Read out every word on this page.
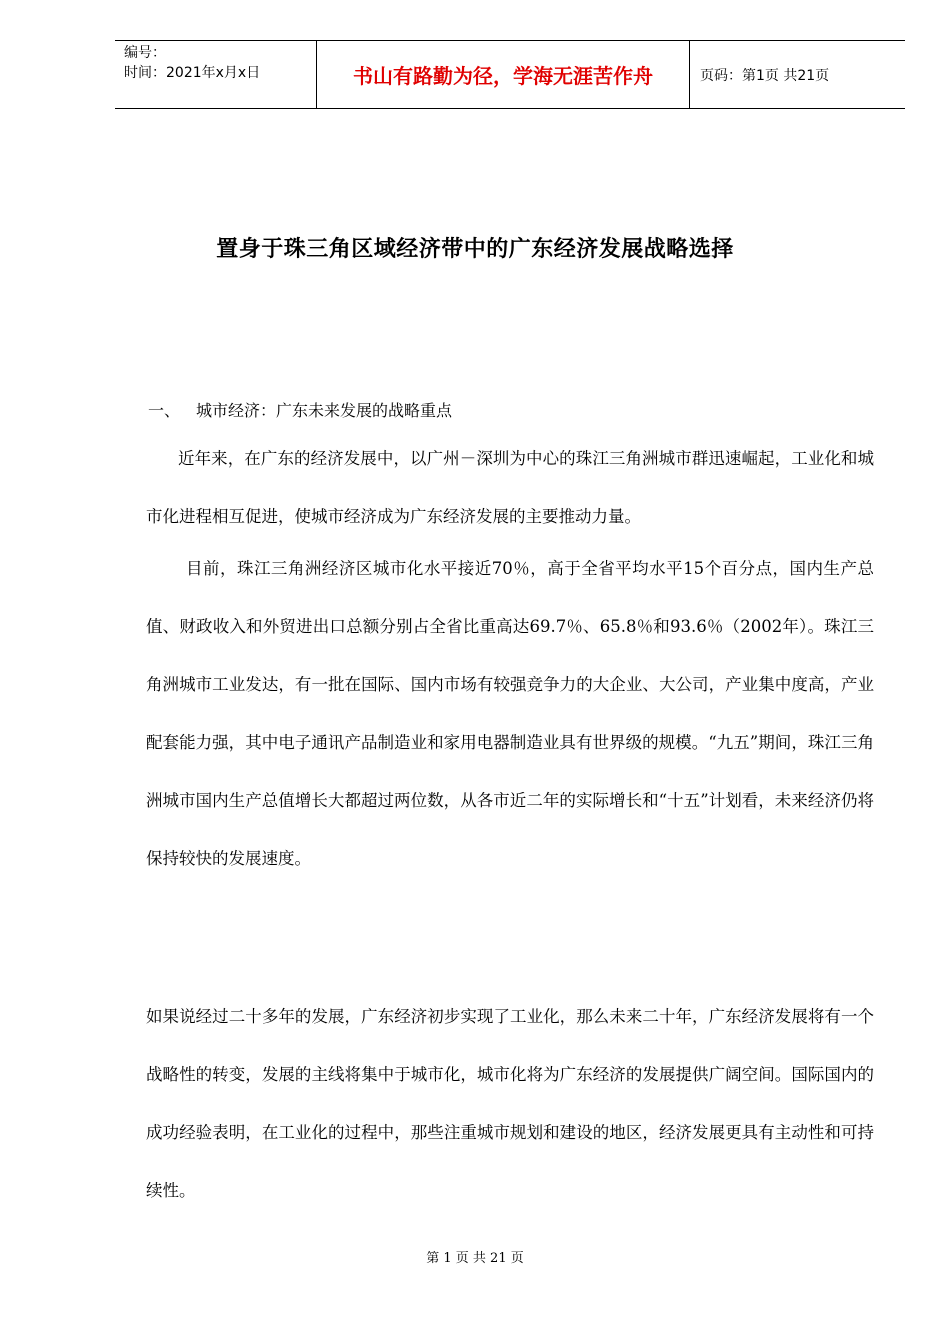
编号：
时间：2021年x月x日	书山有路勤为径，学海无涯苦作舟	页码：第1页 共21页
置身于珠三角区域经济带中的广东经济发展战略选择
一、 城市经济：广东未来发展的战略重点

近年来，在广东的经济发展中，以广州－深圳为中心的珠江三角洲城市群迅速崛起，工业化和城市化进程相互促进，使城市经济成为广东经济发展的主要推动力量。

目前，珠江三角洲经济区城市化水平接近70％，高于全省平均水平15个百分点，国内生产总值、财政收入和外贸进出口总额分别占全省比重高达69.7％、65.8％和93.6％（2002年）。珠江三角洲城市工业发达，有一批在国际、国内市场有较强竞争力的大企业、大公司，产业集中度高，产业配套能力强，其中电子通讯产品制造业和家用电器制造业具有世界级的规模。“九五”期间，珠江三角洲城市国内生产总值增长大都超过两位数，从各市近二年的实际增长和“十五”计划看，未来经济仍将保持较快的发展速度。

如果说经过二十多年的发展，广东经济初步实现了工业化，那么未来二十年，广东经济发展将有一个战略性的转变，发展的主线将集中于城市化，城市化将为广东经济的发展提供广阔空间。国际国内的成功经验表明，在工业化的过程中，那些注重城市规划和建设的地区，经济发展更具有主动性和可持续性。

第 1 页 共 21 页
